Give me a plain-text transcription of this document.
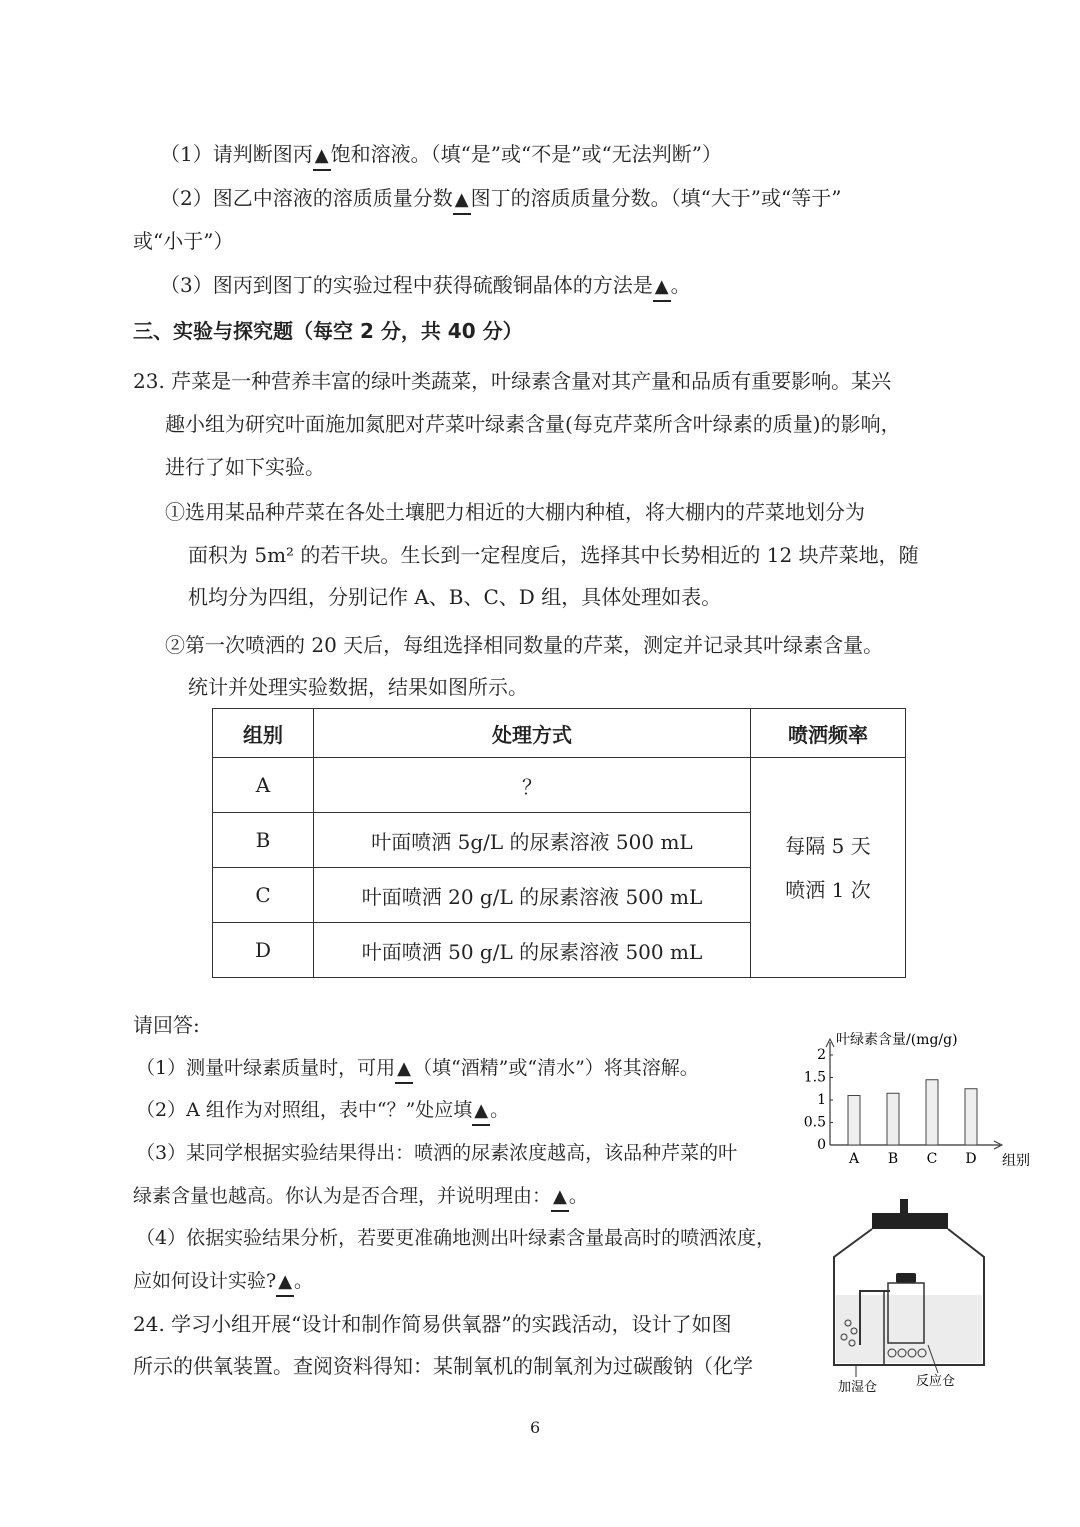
（1）请判断图丙 ▲ 饱和溶液。（填“是”或“不是”或“无法判断”）
（2）图乙中溶液的溶质质量分数 ▲ 图丁的溶质质量分数。（填“大于”或“等于”
或“小于”）
（3）图丙到图丁的实验过程中获得硫酸铜晶体的方法是 ▲ 。
三、实验与探究题（每空 2 分，共 40 分）
23. 芹菜是一种营养丰富的绿叶类蔬菜，叶绿素含量对其产量和品质有重要影响。某兴
趣小组为研究叶面施加氮肥对芹菜叶绿素含量(每克芹菜所含叶绿素的质量)的影响，
进行了如下实验。
①选用某品种芹菜在各处土壤肥力相近的大棚内种植，将大棚内的芹菜地划分为
面积为 5m² 的若干块。生长到一定程度后，选择其中长势相近的 12 块芹菜地，随
机均分为四组，分别记作 A、B、C、D 组，具体处理如表。
②第一次喷洒的 20 天后，每组选择相同数量的芹菜，测定并记录其叶绿素含量。
统计并处理实验数据，结果如图所示。
组别	处理方式	喷洒频率
A	？	每隔 5 天
喷洒 1 次

B	叶面喷洒 5g/L 的尿素溶液 500 mL	
C	叶面喷洒 20 g/L 的尿素溶液 500 mL	
D	叶面喷洒 50 g/L 的尿素溶液 500 mL	
请回答:
（1）测量叶绿素质量时，可用 ▲ （填“酒精”或“清水”）将其溶解。
（2）A 组作为对照组，表中“？”处应填 ▲ 。
（3）某同学根据实验结果得出：喷洒的尿素浓度越高，该品种芹菜的叶
绿素含量也越高。你认为是否合理，并说明理由： ▲ 。
（4）依据实验结果分析，若要更准确地测出叶绿素含量最高时的喷洒浓度，
应如何设计实验? ▲ 。
24. 学习小组开展“设计和制作简易供氧器”的实践活动，设计了如图
所示的供氧装置。查阅资料得知：某制氧机的制氧剂为过碳酸钠（化学
0
0.5
1
1.5
2
A B C D
叶绿素含量/(mg/g)
组别
加湿仓	反应仓
6
